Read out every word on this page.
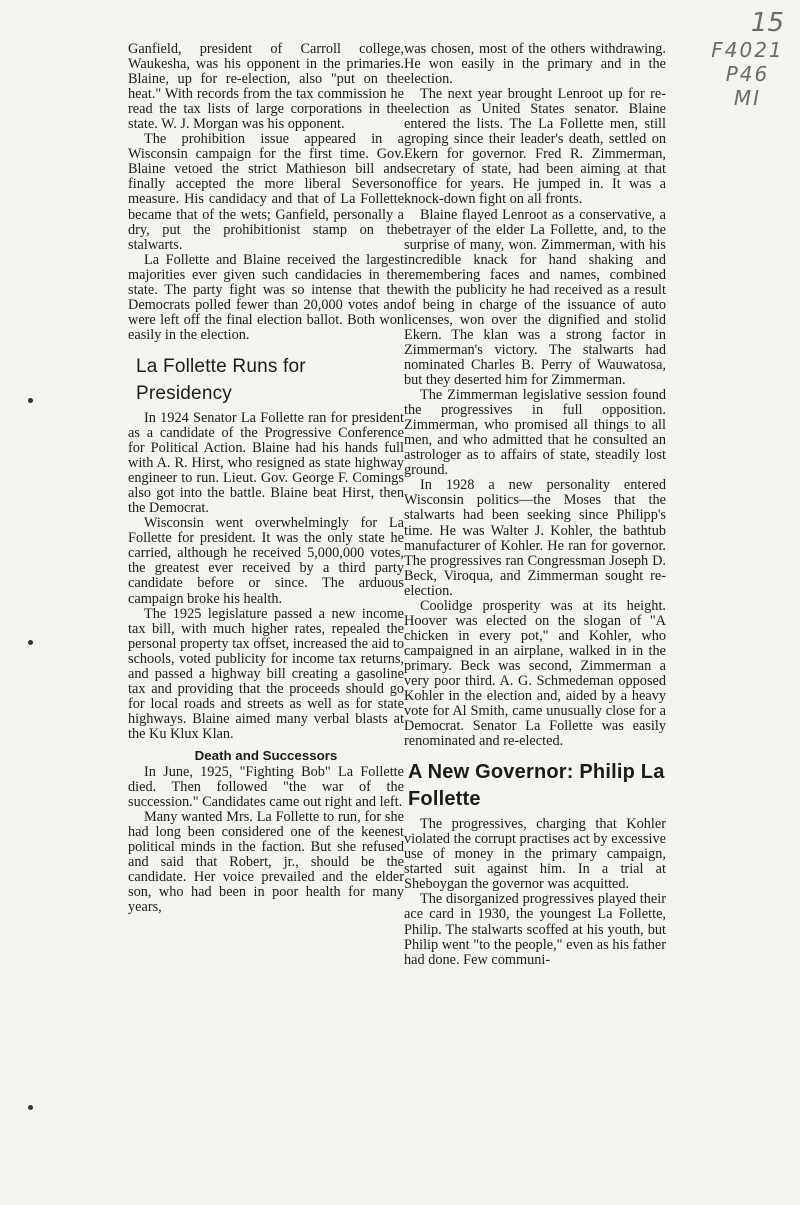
15
F4021
P46
MI

Ganfield, president of Carroll college, Waukesha, was his opponent in the primaries. Blaine, up for re-election, also "put on the heat." With records from the tax commission he read the tax lists of large corporations in the state. W. J. Morgan was his opponent.

The prohibition issue appeared in a Wisconsin campaign for the first time. Gov. Blaine vetoed the strict Mathieson bill and finally accepted the more liberal Severson measure. His candidacy and that of La Follette became that of the wets; Ganfield, personally a dry, put the prohibitionist stamp on the stalwarts.

La Follette and Blaine received the largest majorities ever given such candidacies in the state. The party fight was so intense that the Democrats polled fewer than 20,000 votes and were left off the final election ballot. Both won easily in the election.

La Follette Runs for Presidency

In 1924 Senator La Follette ran for president as a candidate of the Progressive Conference for Political Action. Blaine had his hands full with A. R. Hirst, who resigned as state highway engineer to run. Lieut. Gov. George F. Comings also got into the battle. Blaine beat Hirst, then the Democrat.

Wisconsin went overwhelmingly for La Follette for president. It was the only state he carried, although he received 5,000,000 votes, the greatest ever received by a third party candidate before or since. The arduous campaign broke his health.

The 1925 legislature passed a new income tax bill, with much higher rates, repealed the personal property tax offset, increased the aid to schools, voted publicity for income tax returns, and passed a highway bill creating a gasoline tax and providing that the proceeds should go for local roads and streets as well as for state highways. Blaine aimed many verbal blasts at the Ku Klux Klan.

Death and Successors

In June, 1925, "Fighting Bob" La Follette died. Then followed "the war of the succession." Candidates came out right and left.

Many wanted Mrs. La Follette to run, for she had long been considered one of the keenest political minds in the faction. But she refused and said that Robert, jr., should be the candidate. Her voice prevailed and the elder son, who had been in poor health for many years,

was chosen, most of the others withdrawing. He won easily in the primary and in the election.

The next year brought Lenroot up for re-election as United States senator. Blaine entered the lists. The La Follette men, still groping since their leader's death, settled on Ekern for governor. Fred R. Zimmerman, secretary of state, had been aiming at that office for years. He jumped in. It was a knock-down fight on all fronts.

Blaine flayed Lenroot as a conservative, a betrayer of the elder La Follette, and, to the surprise of many, won. Zimmerman, with his incredible knack for hand shaking and remembering faces and names, combined with the publicity he had received as a result of being in charge of the issuance of auto licenses, won over the dignified and stolid Ekern. The klan was a strong factor in Zimmerman's victory. The stalwarts had nominated Charles B. Perry of Wauwatosa, but they deserted him for Zimmerman.

The Zimmerman legislative session found the progressives in full opposition. Zimmerman, who promised all things to all men, and who admitted that he consulted an astrologer as to affairs of state, steadily lost ground.

In 1928 a new personality entered Wisconsin politics—the Moses that the stalwarts had been seeking since Philipp's time. He was Walter J. Kohler, the bathtub manufacturer of Kohler. He ran for governor. The progressives ran Congressman Joseph D. Beck, Viroqua, and Zimmerman sought re-election.

Coolidge prosperity was at its height. Hoover was elected on the slogan of "A chicken in every pot," and Kohler, who campaigned in an airplane, walked in in the primary. Beck was second, Zimmerman a very poor third. A. G. Schmedeman opposed Kohler in the election and, aided by a heavy vote for Al Smith, came unusually close for a Democrat. Senator La Follette was easily renominated and re-elected.

A New Governor: Philip La Follette

The progressives, charging that Kohler violated the corrupt practises act by excessive use of money in the primary campaign, started suit against him. In a trial at Sheboygan the governor was acquitted.

The disorganized progressives played their ace card in 1930, the youngest La Follette, Philip. The stalwarts scoffed at his youth, but Philip went "to the people," even as his father had done. Few communi-
